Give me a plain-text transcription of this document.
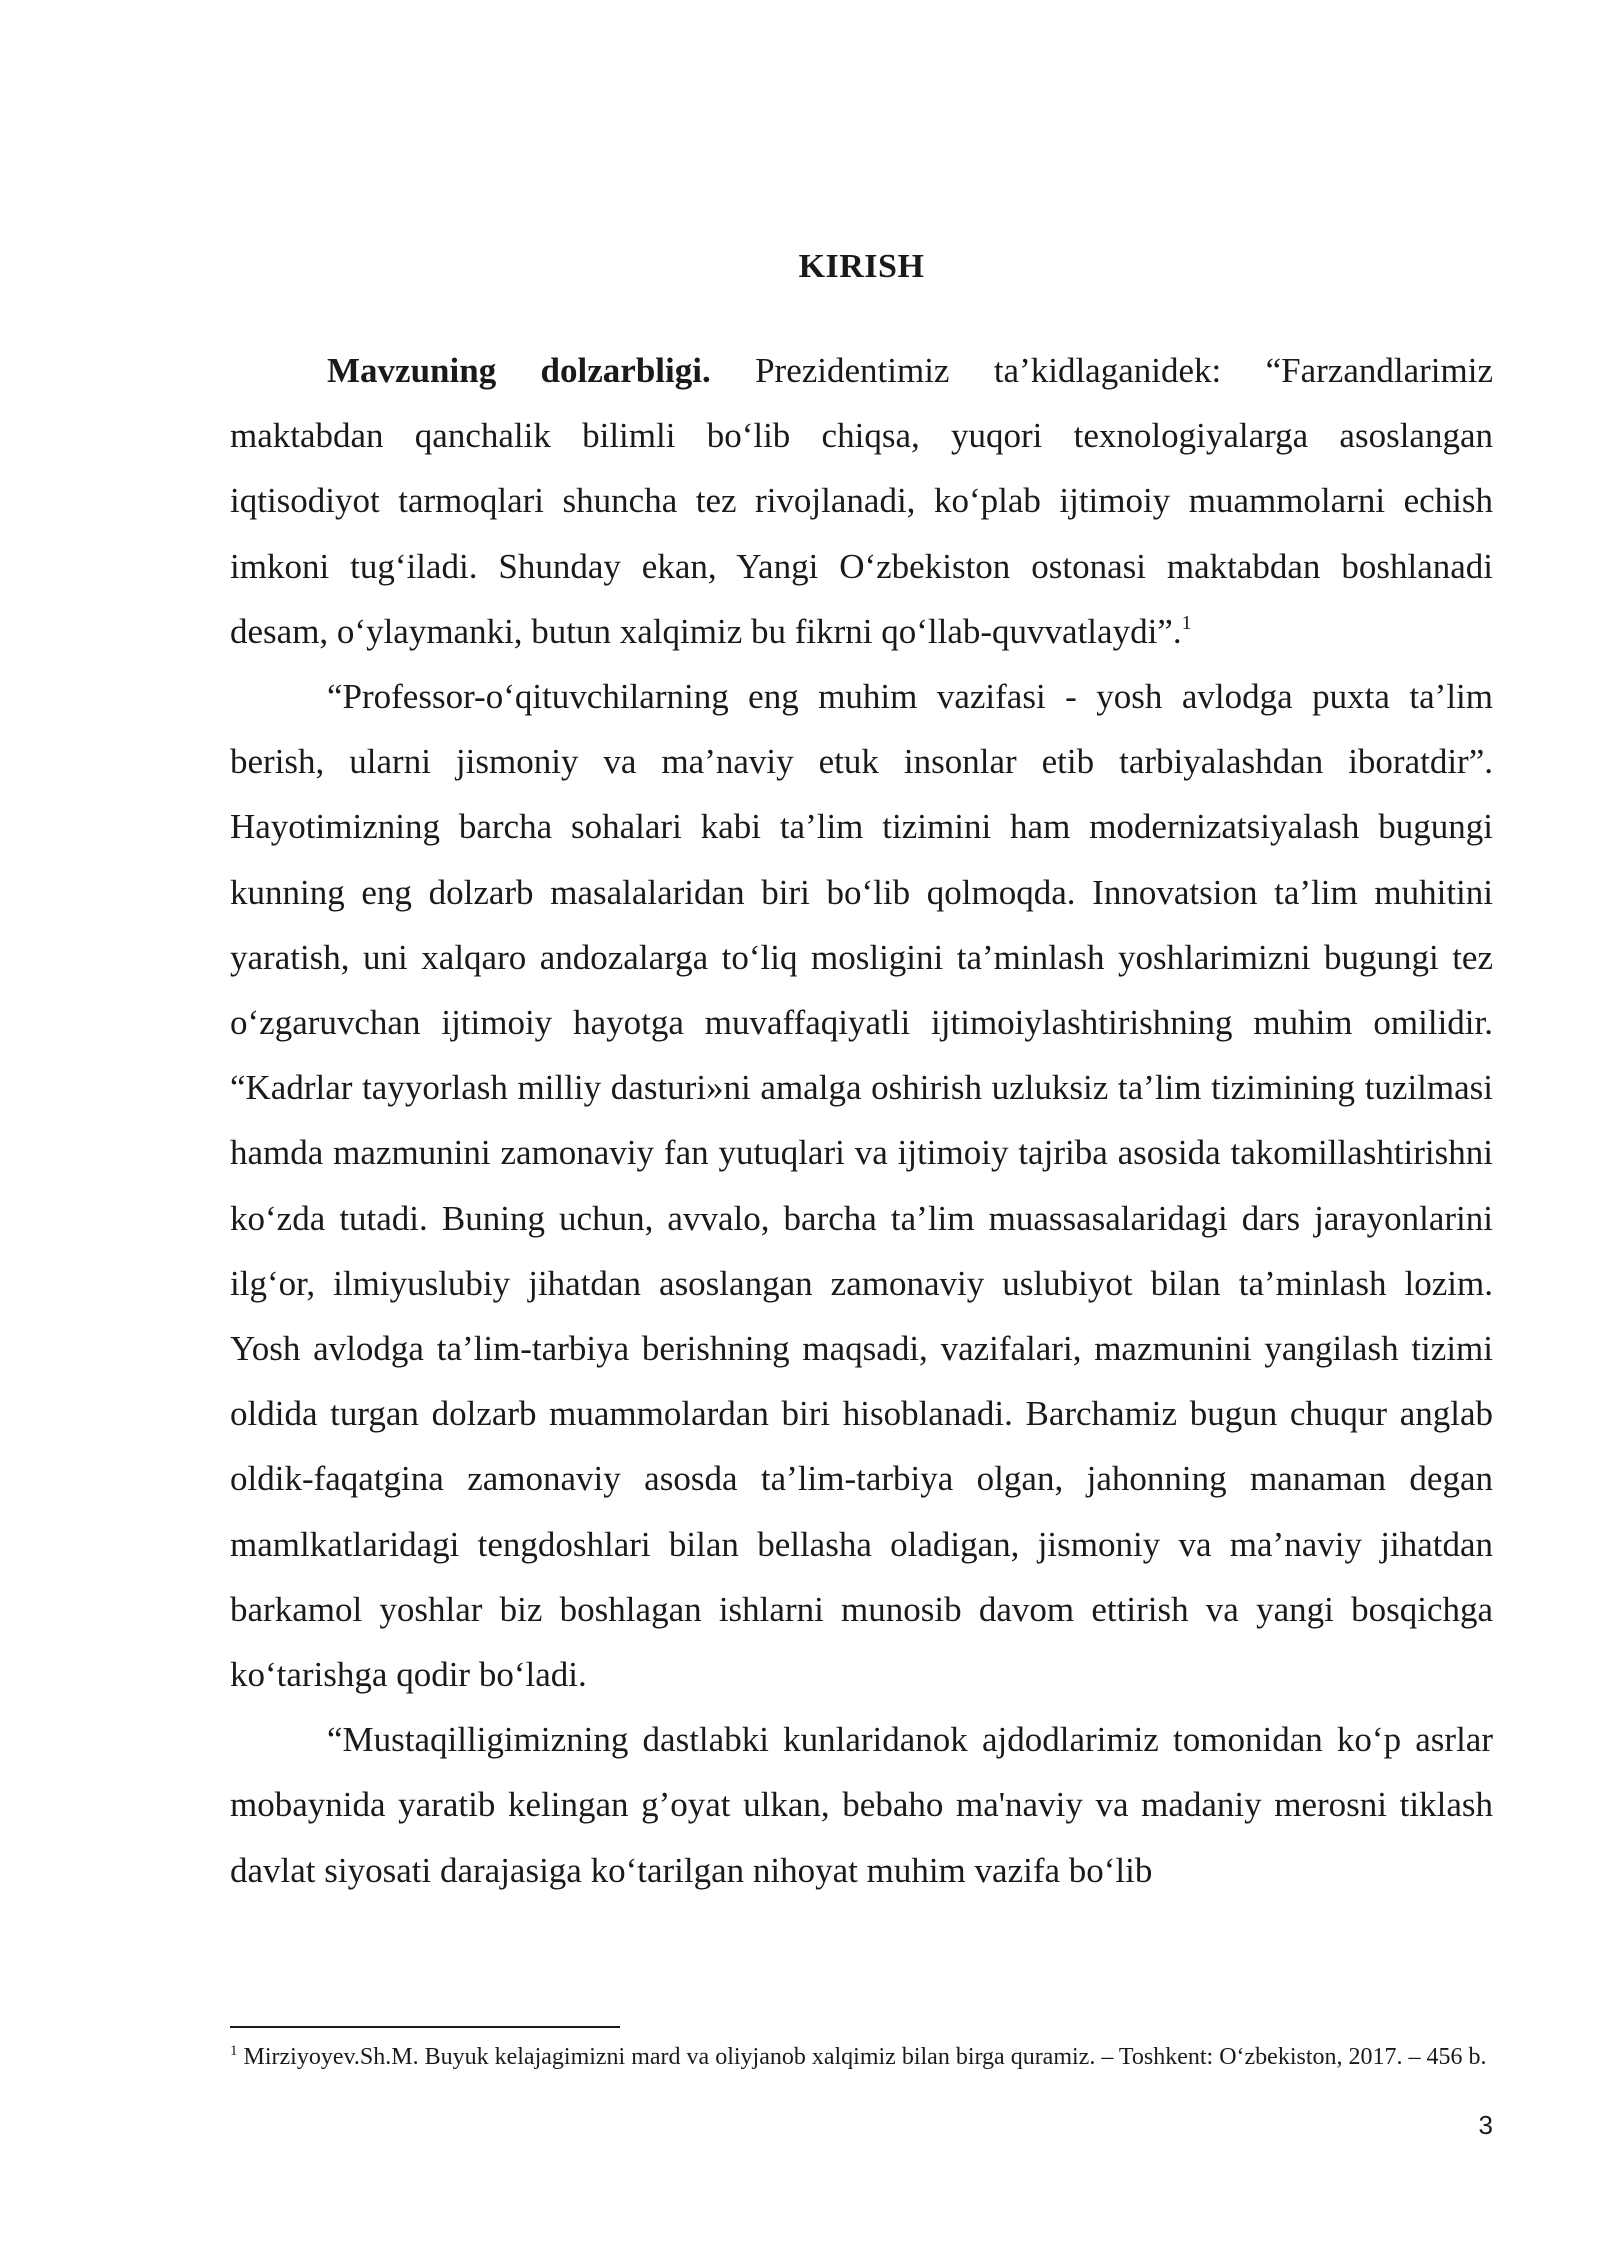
KIRISH

Mavzuning dolzarbligi. Prezidentimiz ta’kidlaganidek: “Farzandlarimiz maktabdan qanchalik bilimli bo‘lib chiqsa, yuqori texnologiyalarga asoslangan iqtisodiyot tarmoqlari shuncha tez rivojlanadi, ko‘plab ijtimoiy muammolarni echish imkoni tug‘iladi. Shunday ekan, Yangi O‘zbekiston ostonasi maktabdan boshlanadi desam, o‘ylaymanki, butun xalqimiz bu fikrni qo‘llab-quvvatlaydi”.$^1$

“Professor-o‘qituvchilarning eng muhim vazifasi - yosh avlodga puxta ta’lim berish, ularni jismoniy va ma’naviy etuk insonlar etib tarbiyalashdan iboratdir”. Hayotimizning barcha sohalari kabi ta’lim tizimini ham modernizatsiyalash bugungi kunning eng dolzarb masalalaridan biri bo‘lib qolmoqda. Innovatsion ta’lim muhitini yaratish, uni xalqaro andozalarga to‘liq mosligini ta’minlash yoshlarimizni bugungi tez o‘zgaruvchan ijtimoiy hayotga muvaffaqiyatli ijtimoiylashtirishning muhim omilidir. “Kadrlar tayyorlash milliy dasturi»ni amalga oshirish uzluksiz ta’lim tizimining tuzilmasi hamda mazmunini zamonaviy fan yutuqlari va ijtimoiy tajriba asosida takomillashtirishni ko‘zda tutadi. Buning uchun, avvalo, barcha ta’lim muassasalaridagi dars jarayonlarini ilg‘or, ilmiyuslubiy jihatdan asoslangan zamonaviy uslubiyot bilan ta’minlash lozim. Yosh avlodga ta’lim-tarbiya berishning maqsadi, vazifalari, mazmunini yangilash tizimi oldida turgan dolzarb muammolardan biri hisoblanadi. Barchamiz bugun chuqur anglab oldik-faqatgina zamonaviy asosda ta’lim-tarbiya olgan, jahonning manaman degan mamlkatlaridagi tengdoshlari bilan bellasha oladigan, jismoniy va ma’naviy jihatdan barkamol yoshlar biz boshlagan ishlarni munosib davom ettirish va yangi bosqichga ko‘tarishga qodir bo‘ladi.

“Mustaqilligimizning dastlabki kunlaridanok ajdodlarimiz tomonidan ko‘p asrlar mobaynida yaratib kelingan g’oyat ulkan, bebaho ma'naviy va madaniy merosni tiklash davlat siyosati darajasiga ko‘tarilgan nihoyat muhim vazifa bo‘lib

$^1$ Mirziyoyev.Sh.M. Buyuk kelajagimizni mard va oliyjanob xalqimiz bilan birga quramiz. – Toshkent: O‘zbekiston, 2017. – 456 b.
3
